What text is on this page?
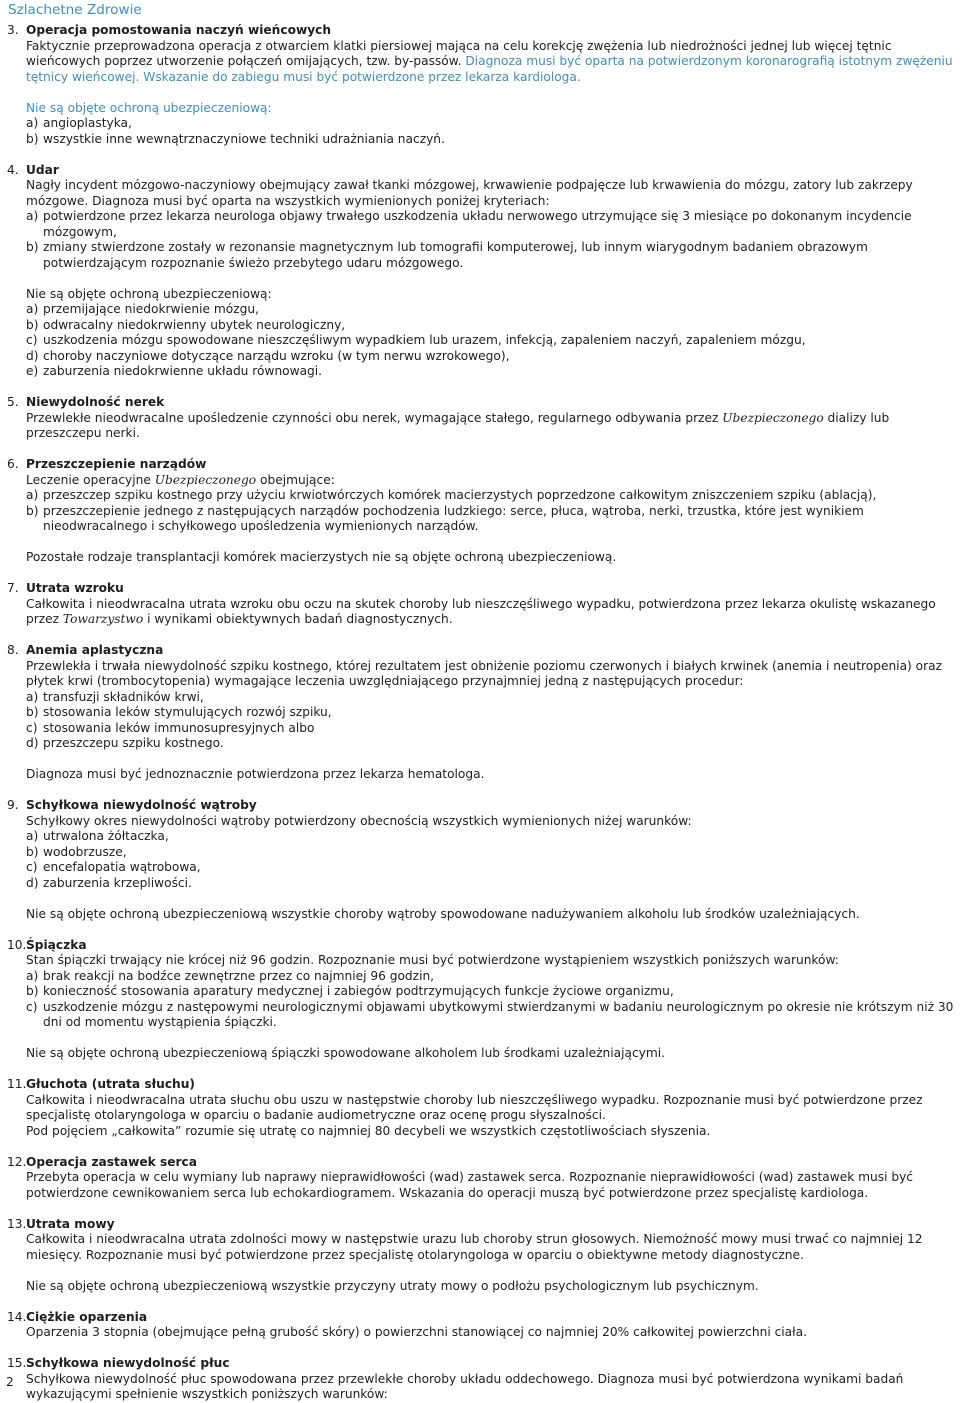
Szlachetne Zdrowie
3. Operacja pomostowania naczyń wieńcowych
Faktycznie przeprowadzona operacja z otwarciem klatki piersiowej mająca na celu korekcję zwężenia lub niedrożności jednej lub więcej tętnic wieńcowych poprzez utworzenie połączeń omijających, tzw. by-passów. Diagnoza musi być oparta na potwierdzonym koronarografią istotnym zwężeniu tętnicy wieńcowej. Wskazanie do zabiegu musi być potwierdzone przez lekarza kardiologa.
Nie są objęte ochroną ubezpieczeniową:
a) angioplastyka,
b) wszystkie inne wewnątrznaczyniowe techniki udrażniania naczyń.
4. Udar
Nagły incydent mózgowo-naczyniowy obejmujący zawał tkanki mózgowej, krwawienie podpajęcze lub krwawienia do mózgu, zatory lub zakrzepy mózgowe. Diagnoza musi być oparta na wszystkich wymienionych poniżej kryteriach:
a) potwierdzone przez lekarza neurologa objawy trwałego uszkodzenia układu nerwowego utrzymujące się 3 miesiące po dokonanym incydencie mózgowym,
b) zmiany stwierdzone zostały w rezonansie magnetycznym lub tomografii komputerowej, lub innym wiarygodnym badaniem obrazowym potwierdzającym rozpoznanie świeżo przebytego udaru mózgowego.
Nie są objęte ochroną ubezpieczeniową:
a) przemijające niedokrwienie mózgu,
b) odwracalny niedokrwienny ubytek neurologiczny,
c) uszkodzenia mózgu spowodowane nieszczęśliwym wypadkiem lub urazem, infekcją, zapaleniem naczyń, zapaleniem mózgu,
d) choroby naczyniowe dotyczące narządu wzroku (w tym nerwu wzrokowego),
e) zaburzenia niedokrwienne układu równowagi.
5. Niewydolność nerek
Przewlekłe nieodwracalne upośledzenie czynności obu nerek, wymagające stałego, regularnego odbywania przez Ubezpieczonego dializy lub przeszczepu nerki.
6. Przeszczepienie narządów
Leczenie operacyjne Ubezpieczonego obejmujące:
a) przeszczep szpiku kostnego przy użyciu krwiotwórczych komórek macierzystych poprzedzone całkowitym zniszczeniem szpiku (ablacją),
b) przeszczepienie jednego z następujących narządów pochodzenia ludzkiego: serce, płuca, wątroba, nerki, trzustka, które jest wynikiem nieodwracalnego i schyłkowego upośledzenia wymienionych narządów.
Pozostałe rodzaje transplantacji komórek macierzystych nie są objęte ochroną ubezpieczeniową.
7. Utrata wzroku
Całkowita i nieodwracalna utrata wzroku obu oczu na skutek choroby lub nieszczęśliwego wypadku, potwierdzona przez lekarza okulistę wskazanego przez Towarzystwo i wynikami obiektywnych badań diagnostycznych.
8. Anemia aplastyczna
Przewlekła i trwała niewydolność szpiku kostnego, której rezultatem jest obniżenie poziomu czerwonych i białych krwinek (anemia i neutropenia) oraz płytek krwi (trombocytopenia) wymagające leczenia uwzględniającego przynajmniej jedną z następujących procedur:
a) transfuzji składników krwi,
b) stosowania leków stymulujących rozwój szpiku,
c) stosowania leków immunosupresyjnych albo
d) przeszczepu szpiku kostnego.
Diagnoza musi być jednoznacznie potwierdzona przez lekarza hematologa.
9. Schyłkowa niewydolność wątroby
Schyłkowy okres niewydolności wątroby potwierdzony obecnością wszystkich wymienionych niżej warunków:
a) utrwalona żółtaczka,
b) wodobrzusze,
c) encefalopatia wątrobowa,
d) zaburzenia krzepliwości.
Nie są objęte ochroną ubezpieczeniową wszystkie choroby wątroby spowodowane nadużywaniem alkoholu lub środków uzależniających.
10. Śpiączka
Stan śpiączki trwający nie krócej niż 96 godzin. Rozpoznanie musi być potwierdzone wystąpieniem wszystkich poniższych warunków:
a) brak reakcji na bodźce zewnętrzne przez co najmniej 96 godzin,
b) konieczność stosowania aparatury medycznej i zabiegów podtrzymujących funkcje życiowe organizmu,
c) uszkodzenie mózgu z następowymi neurologicznymi objawami ubytkowymi stwierdzanymi w badaniu neurologicznym po okresie nie krótszym niż 30 dni od momentu wystąpienia śpiączki.
Nie są objęte ochroną ubezpieczeniową śpiączki spowodowane alkoholem lub środkami uzależniającymi.
11. Głuchota (utrata słuchu)
Całkowita i nieodwracalna utrata słuchu obu uszu w następstwie choroby lub nieszczęśliwego wypadku. Rozpoznanie musi być potwierdzone przez specjalistę otolaryngologa w oparciu o badanie audiometryczne oraz ocenę progu słyszalności.
Pod pojęciem „całkowita” rozumie się utratę co najmniej 80 decybeli we wszystkich częstotliwościach słyszenia.
12. Operacja zastawek serca
Przebyta operacja w celu wymiany lub naprawy nieprawidłowości (wad) zastawek serca. Rozpoznanie nieprawidłowości (wad) zastawek musi być potwierdzone cewnikowaniem serca lub echokardiogramem. Wskazania do operacji muszą być potwierdzone przez specjalistę kardiologa.
13. Utrata mowy
Całkowita i nieodwracalna utrata zdolności mowy w następstwie urazu lub choroby strun głosowych. Niemożność mowy musi trwać co najmniej 12 miesięcy. Rozpoznanie musi być potwierdzone przez specjalistę otolaryngologa w oparciu o obiektywne metody diagnostyczne.
Nie są objęte ochroną ubezpieczeniową wszystkie przyczyny utraty mowy o podłożu psychologicznym lub psychicznym.
14. Ciężkie oparzenia
Oparzenia 3 stopnia (obejmujące pełną grubość skóry) o powierzchni stanowiącej co najmniej 20% całkowitej powierzchni ciała.
15. Schyłkowa niewydolność płuc
Schyłkowa niewydolność płuc spowodowana przez przewlekłe choroby układu oddechowego. Diagnoza musi być potwierdzona wynikami badań wykazującymi spełnienie wszystkich poniższych warunków:
2
